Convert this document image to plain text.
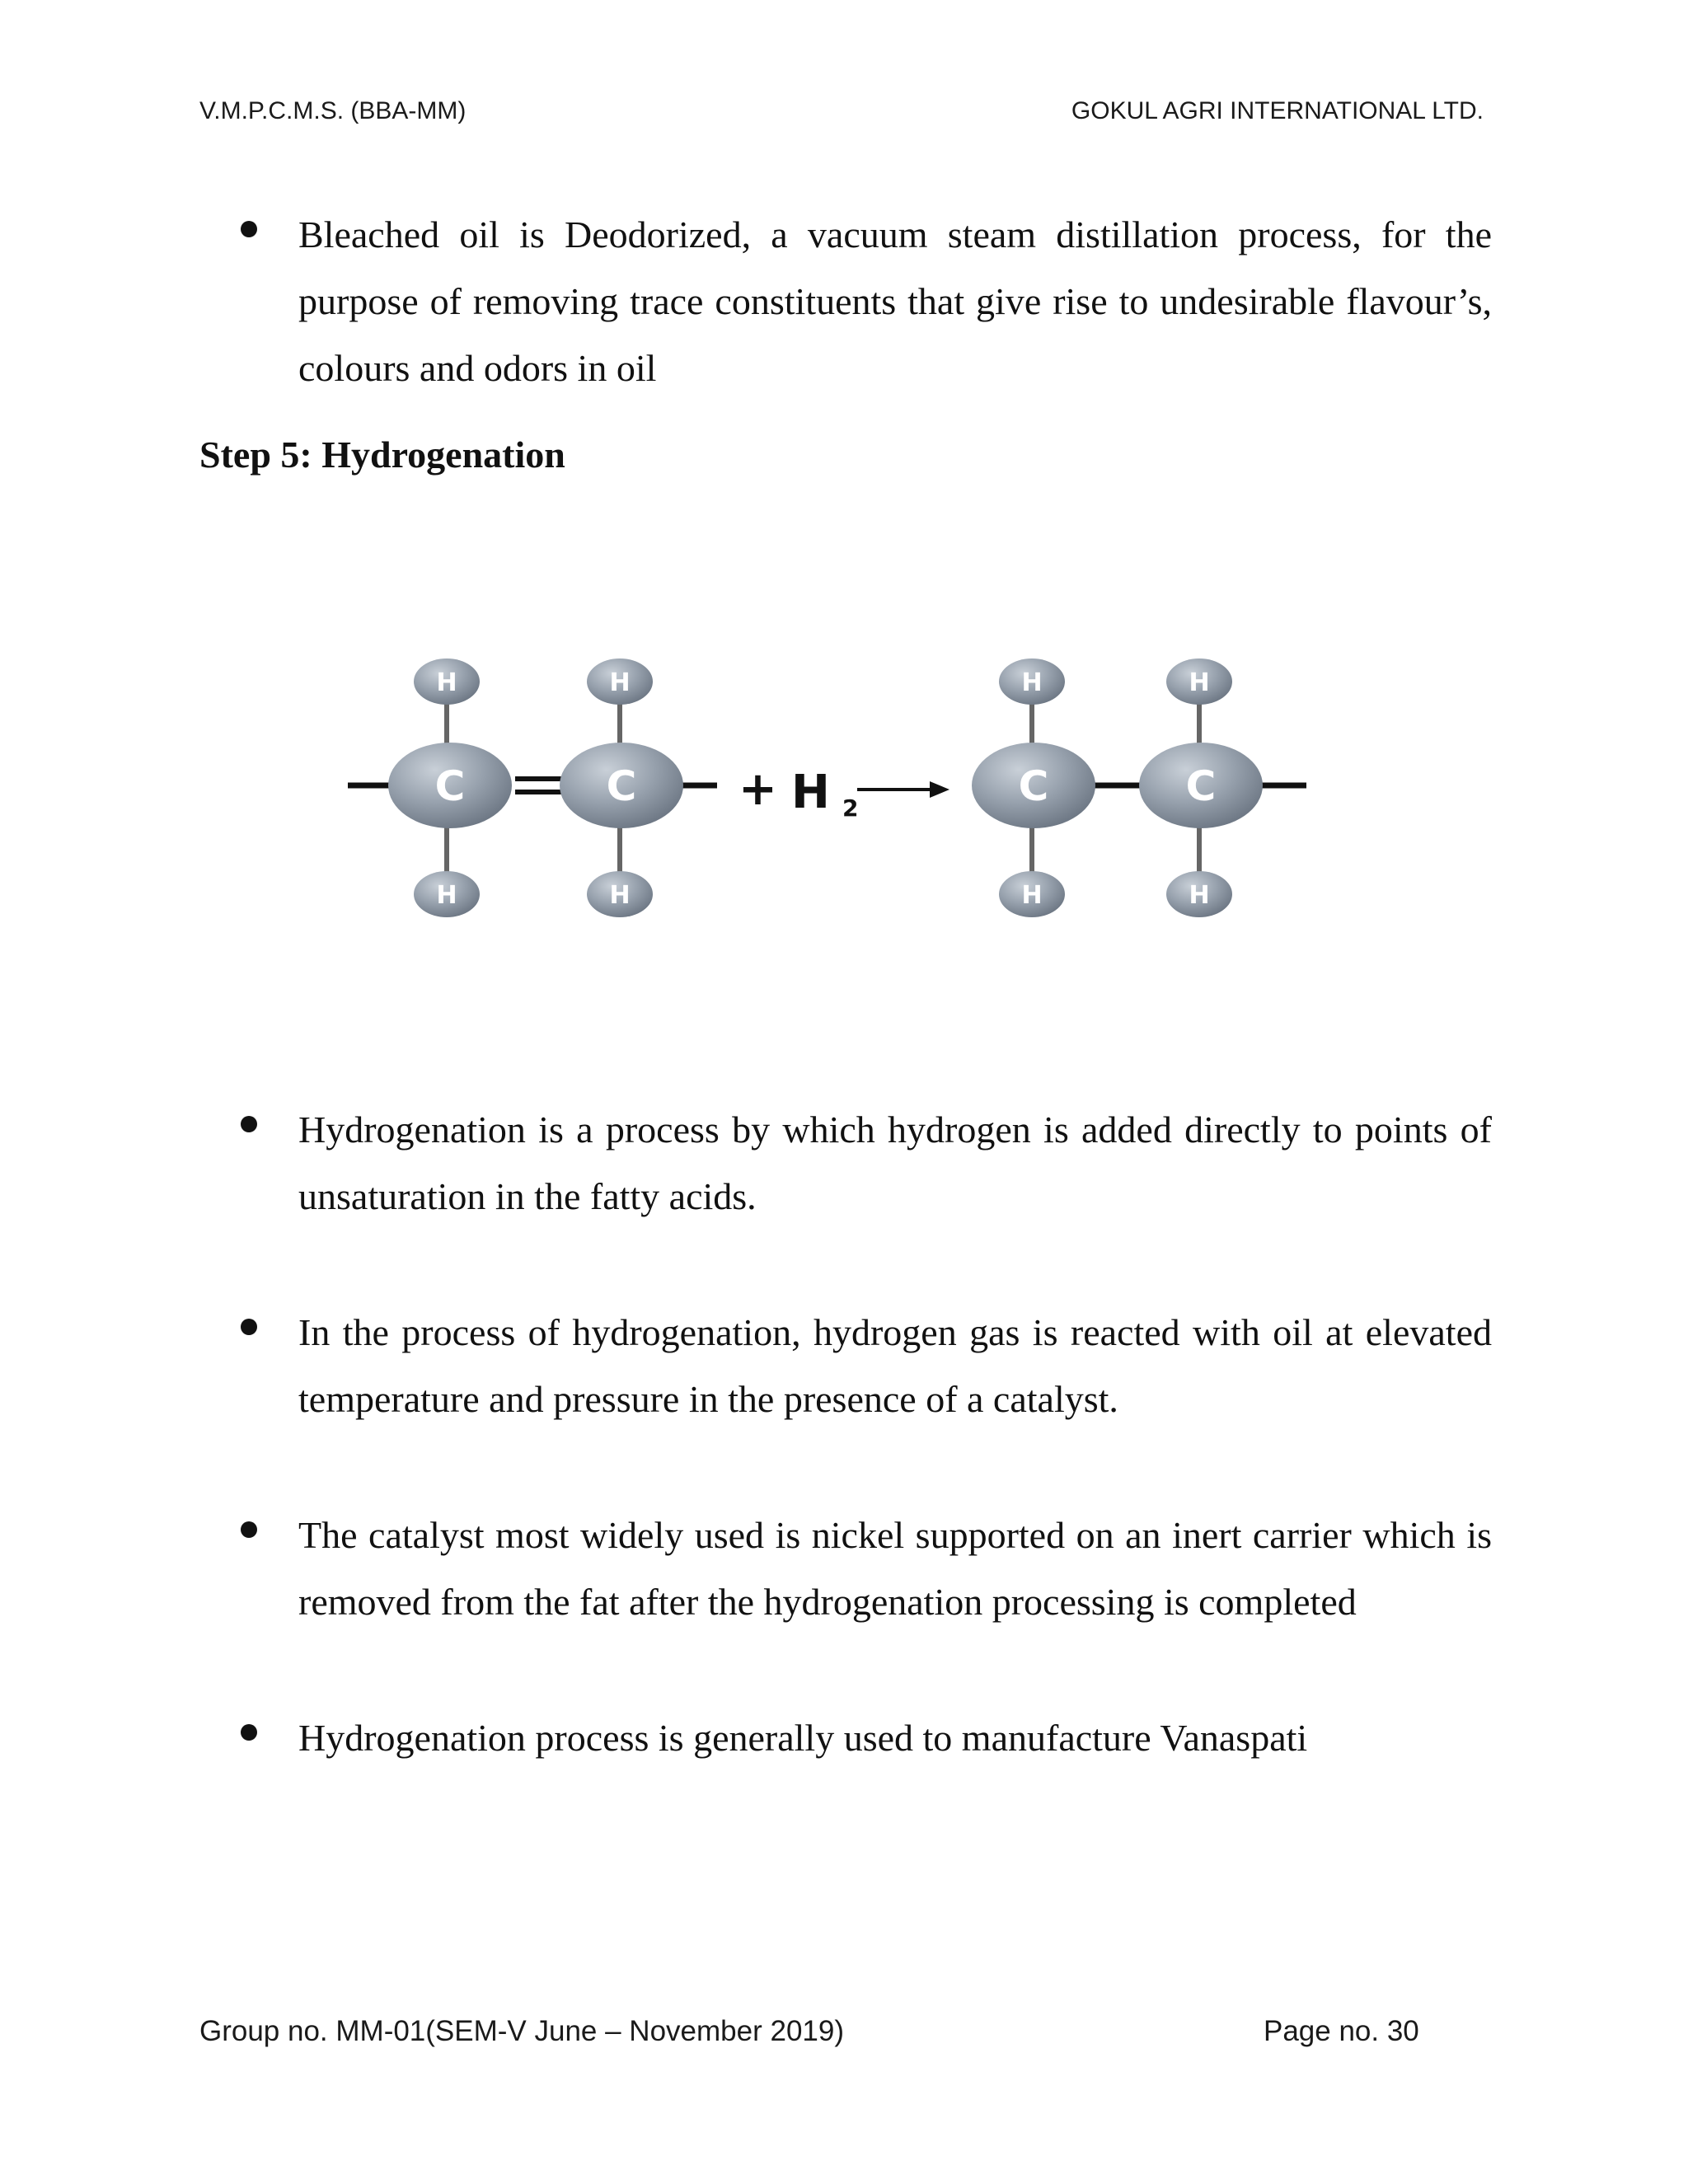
V.M.P.C.M.S. (BBA-MM)	GOKUL AGRI INTERNATIONAL LTD.

Bleached oil is Deodorized, a vacuum steam distillation process, for the purpose of removing trace constituents that give rise to undesirable flavour’s, colours and odors in oil

Step 5: Hydrogenation
H
H
H
H
C	C + H 2
H
H
H
H
C	C

Hydrogenation is a process by which hydrogen is added directly to points of unsaturation in the fatty acids.

In the process of hydrogenation, hydrogen gas is reacted with oil at elevated temperature and pressure in the presence of a catalyst.

The catalyst most widely used is nickel supported on an inert carrier which is removed from the fat after the hydrogenation processing is completed

Hydrogenation process is generally used to manufacture Vanaspati

Group no. MM-01(SEM-V June – November 2019)	Page no. 30
